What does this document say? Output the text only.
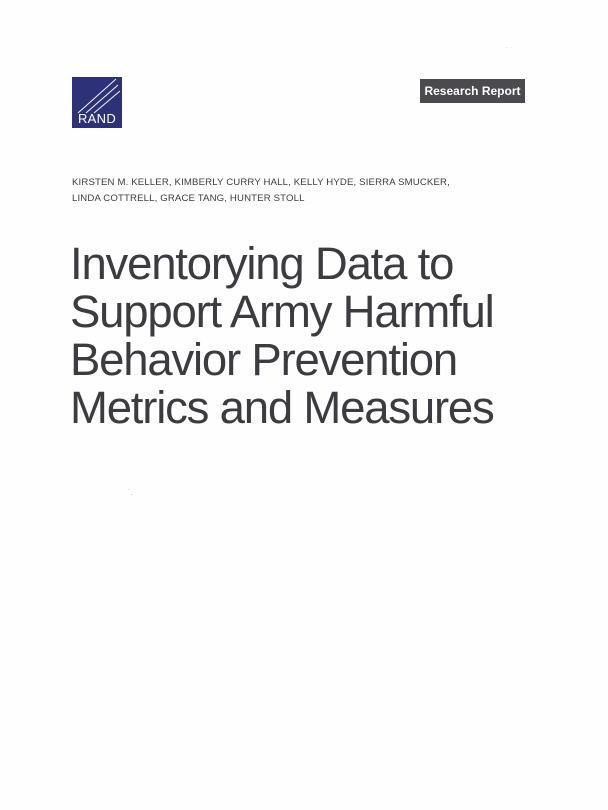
·· ·
RAND
Research Report
KIRSTEN M. KELLER, KIMBERLY CURRY HALL, KELLY HYDE, SIERRA SMUCKER,
LINDA COTTRELL, GRACE TANG, HUNTER STOLL
Inventorying Data to
Support Army Harmful
Behavior Prevention
Metrics and Measures
˙.
